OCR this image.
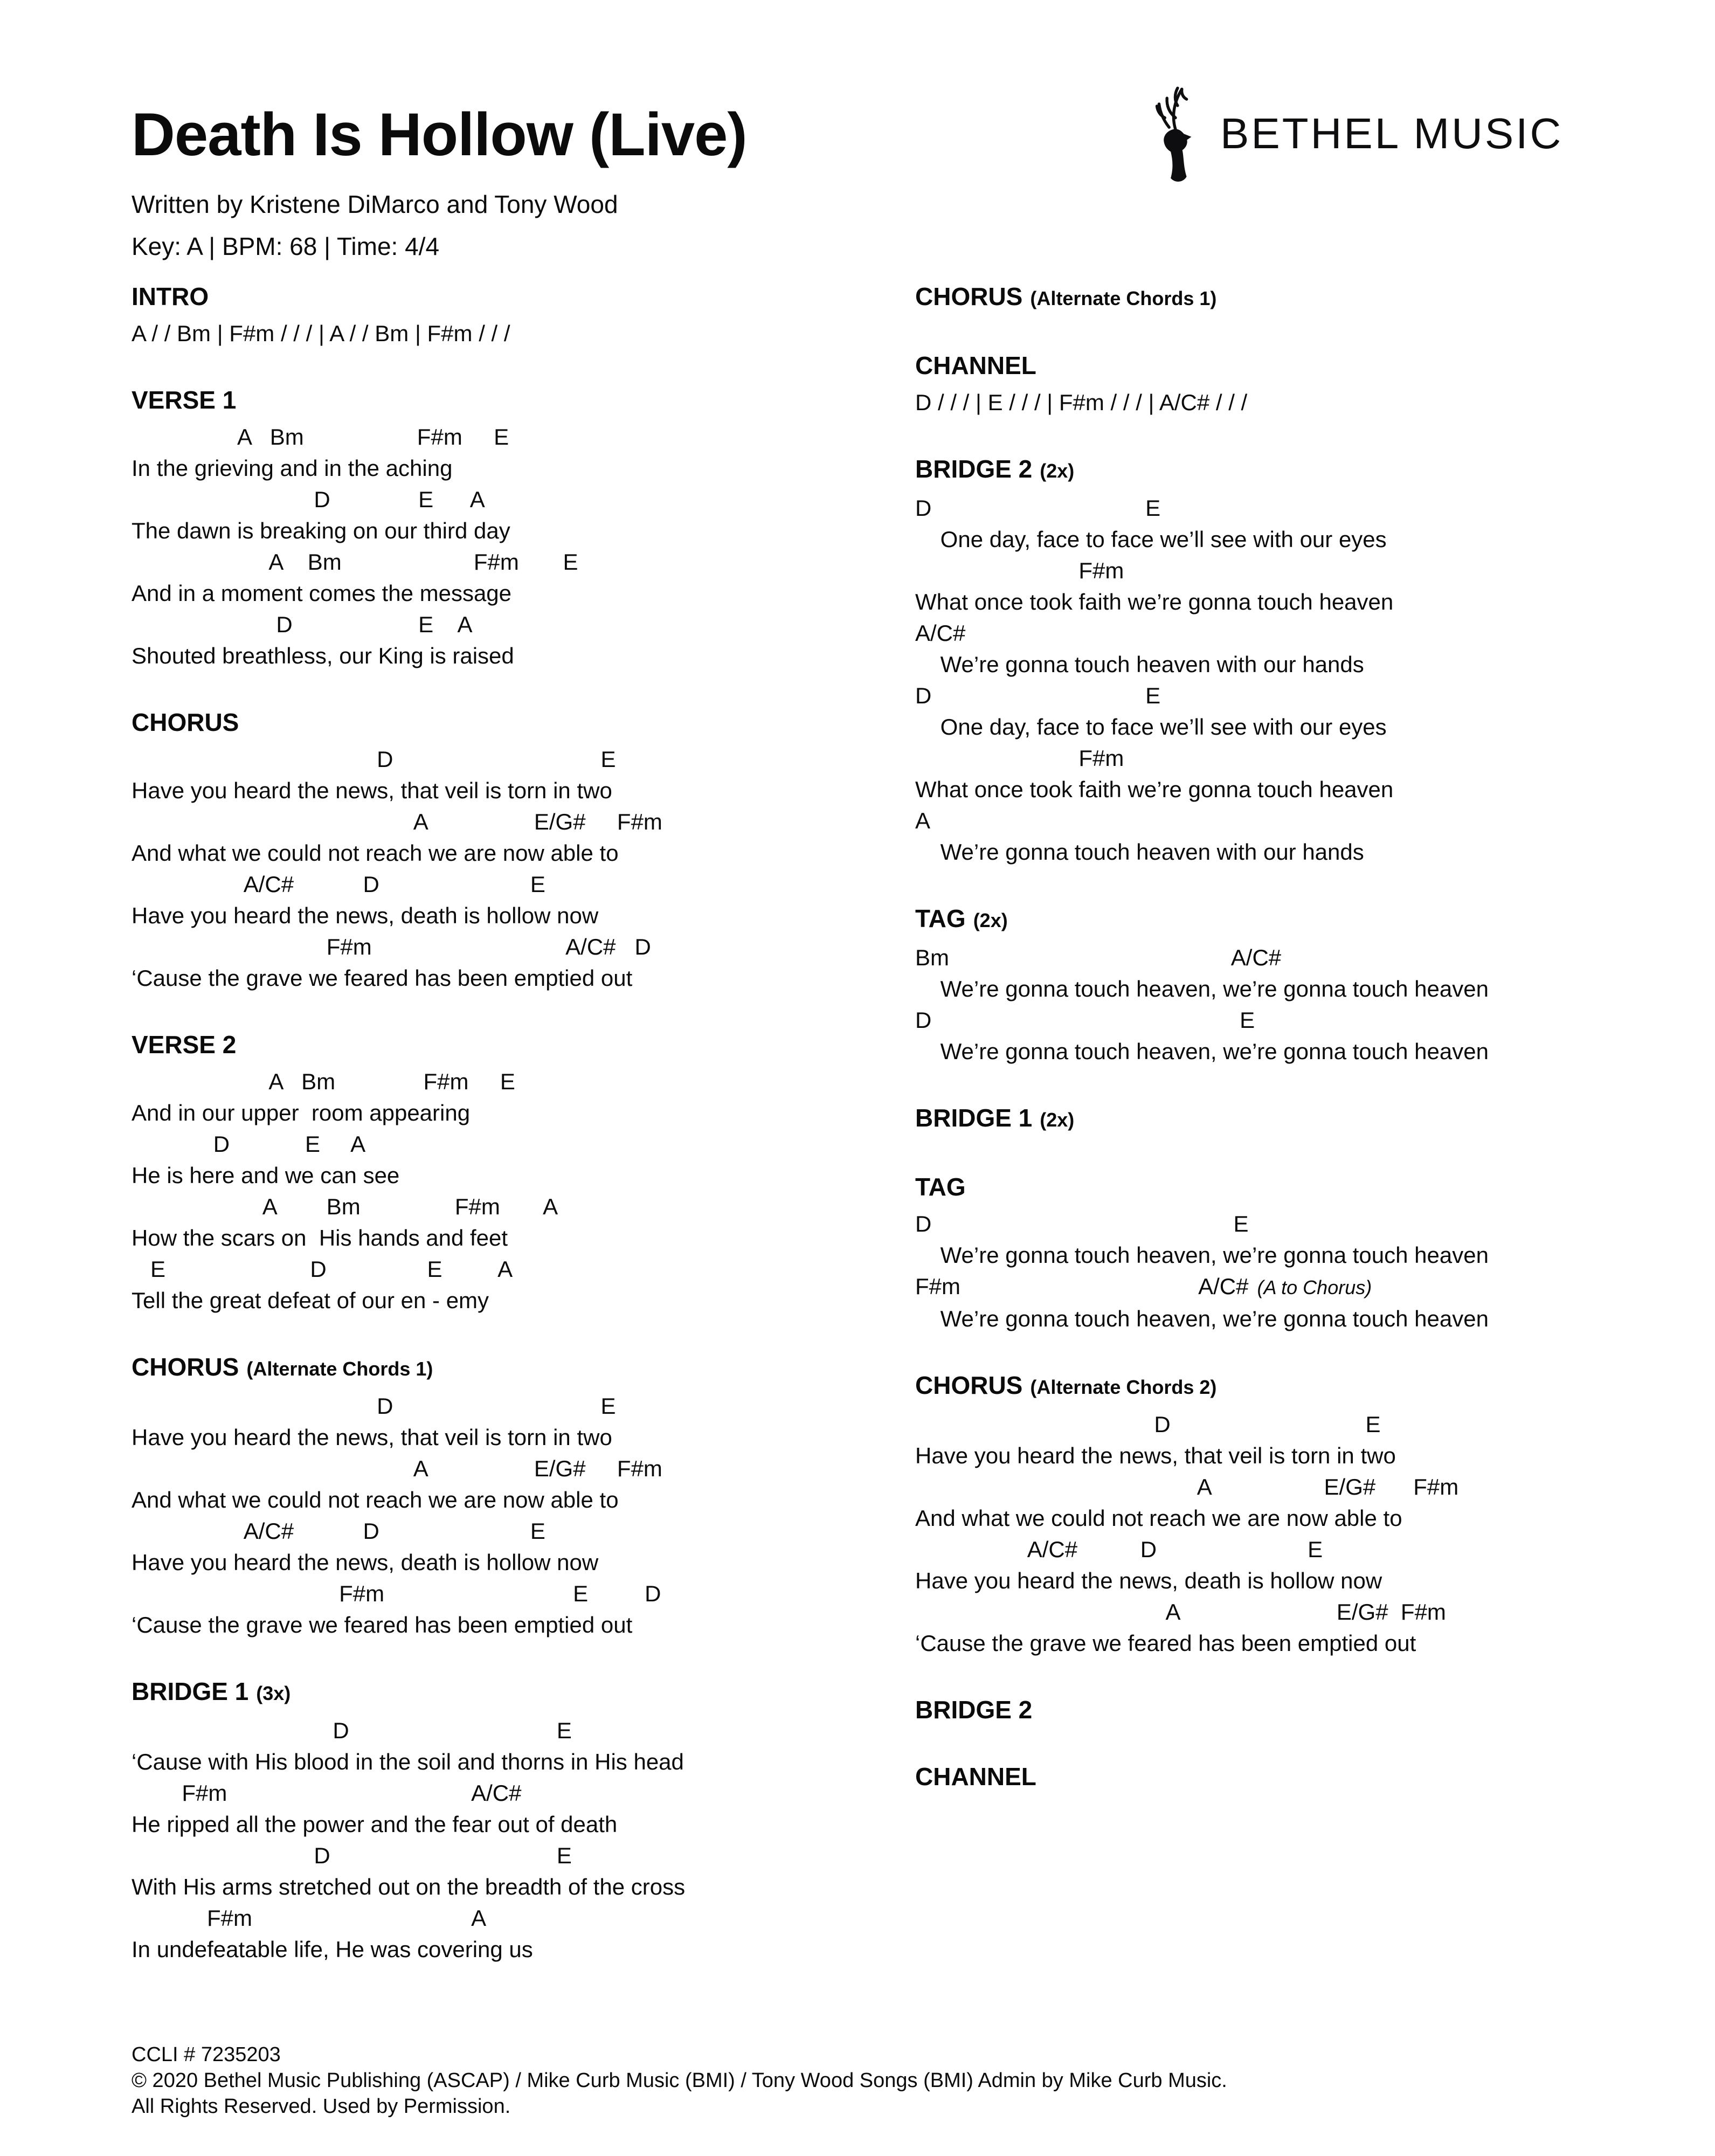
Death Is Hollow (Live)
Written by Kristene DiMarco and Tony Wood
Key: A | BPM: 68 | Time: 4/4
BETHEL MUSIC
INTRO
A / / Bm | F#m / / / | A / / Bm | F#m / / /
VERSE 1
A   Bm                  F#m     E
In the grieving and in the aching
D              E      A
The dawn is breaking on our third day
A    Bm                     F#m       E
And in a moment comes the message
D                    E    A
Shouted breathless, our King is raised
CHORUS
D                                 E
Have you heard the news, that veil is torn in two
A                 E/G#     F#m
And what we could not reach we are now able to
A/C#           D                        E
Have you heard the news, death is hollow now
F#m                               A/C#   D
‘Cause the grave we feared has been emptied out
VERSE 2
A   Bm              F#m     E
And in our upper  room appearing
D            E     A
He is here and we can see
A        Bm               F#m       A
How the scars on  His hands and feet
E                       D                E         A
Tell the great defeat of our en - emy
CHORUS (Alternate Chords 1)
D                                 E
Have you heard the news, that veil is torn in two
A                 E/G#     F#m
And what we could not reach we are now able to
A/C#           D                        E
Have you heard the news, death is hollow now
F#m                              E         D
‘Cause the grave we feared has been emptied out
BRIDGE 1 (3x)
D                                 E
‘Cause with His blood in the soil and thorns in His head
F#m                                       A/C#
He ripped all the power and the fear out of death
D                                    E
With His arms stretched out on the breadth of the cross
F#m                                   A
In undefeatable life, He was covering us
CHORUS (Alternate Chords 1)
CHANNEL
D / / / | E / / / | F#m / / / | A/C# / / /
BRIDGE 2 (2x)
D                                  E
One day, face to face we’ll see with our eyes
F#m
What once took faith we’re gonna touch heaven
A/C#
We’re gonna touch heaven with our hands
D                                  E
One day, face to face we’ll see with our eyes
F#m
What once took faith we’re gonna touch heaven
A
We’re gonna touch heaven with our hands
TAG (2x)
Bm                                             A/C#
We’re gonna touch heaven, we’re gonna touch heaven
D                                                 E
We’re gonna touch heaven, we’re gonna touch heaven
BRIDGE 1 (2x)
TAG
D                                                E
We’re gonna touch heaven, we’re gonna touch heaven
F#m                                      A/C# (A to Chorus)
We’re gonna touch heaven, we’re gonna touch heaven
CHORUS (Alternate Chords 2)
D                               E
Have you heard the news, that veil is torn in two
A                  E/G#      F#m
And what we could not reach we are now able to
A/C#          D                        E
Have you heard the news, death is hollow now
A                         E/G#  F#m
‘Cause the grave we feared has been emptied out
BRIDGE 2
CHANNEL
CCLI # 7235203
© 2020 Bethel Music Publishing (ASCAP) / Mike Curb Music (BMI) / Tony Wood Songs (BMI) Admin by Mike Curb Music.
All Rights Reserved. Used by Permission.
